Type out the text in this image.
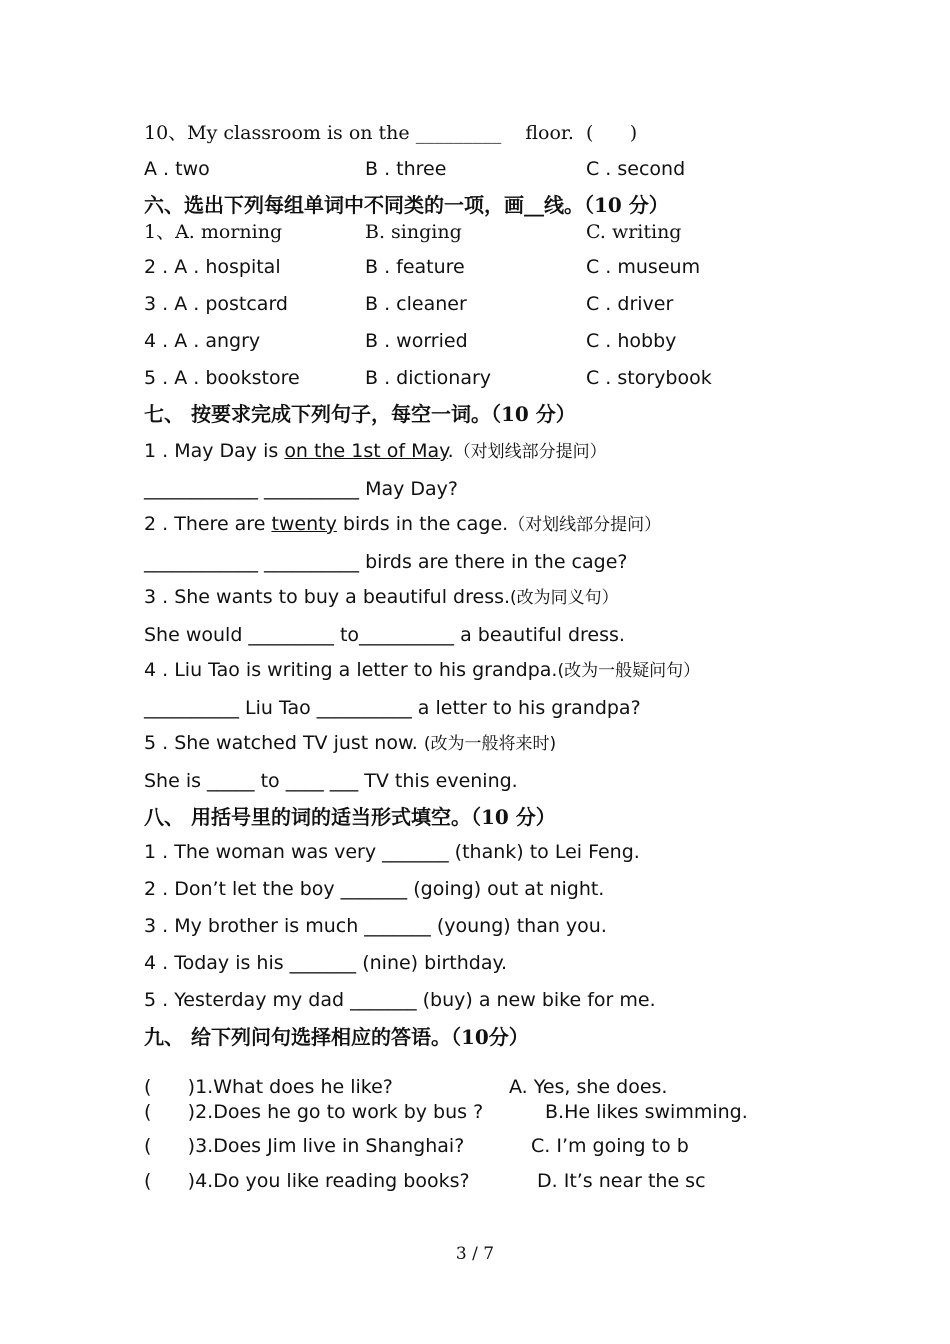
10、My classroom is on the _________    floor.  (      )
A . two	B . three	C . second
六、选出下列每组单词中不同类的一项，画__线。（10 分）
1、A. morning	B. singing	C. writing
2 . A . hospital	B . feature	C . museum
3 . A . postcard	B . cleaner	C . driver
4 . A . angry	B . worried	C . hobby
5 . A . bookstore	B . dictionary	C . storybook
七、 按要求完成下列句子，每空一词。（10 分）
1 . May Day is on the 1st of May.（对划线部分提问）
____________ __________ May Day?
2 . There are twenty birds in the cage.（对划线部分提问）
____________ __________ birds are there in the cage?
3 . She wants to buy a beautiful dress.(改为同义句）
She would _________ to__________ a beautiful dress.
4 . Liu Tao is writing a letter to his grandpa.(改为一般疑问句）
__________ Liu Tao __________ a letter to his grandpa?
5 . She watched TV just now. (改为一般将来时)
She is _____ to ____ ___ TV this evening.
八、 用括号里的词的适当形式填空。（10 分）
1 . The woman was very _______ (thank) to Lei Feng.
2 . Don’t let the boy _______ (going) out at night.
3 . My brother is much _______ (young) than you.
4 . Today is his _______ (nine) birthday.
5 . Yesterday my dad _______ (buy) a new bike for me.
九、 给下列问句选择相应的答语。（10分）
(      )1.What does he like?	A. Yes, she does.
(      )2.Does he go to work by bus ?	B.He likes swimming.
(      )3.Does Jim live in Shanghai?	C. I’m going to b
(      )4.Do you like reading books?	D. It’s near the sc
3 / 7
